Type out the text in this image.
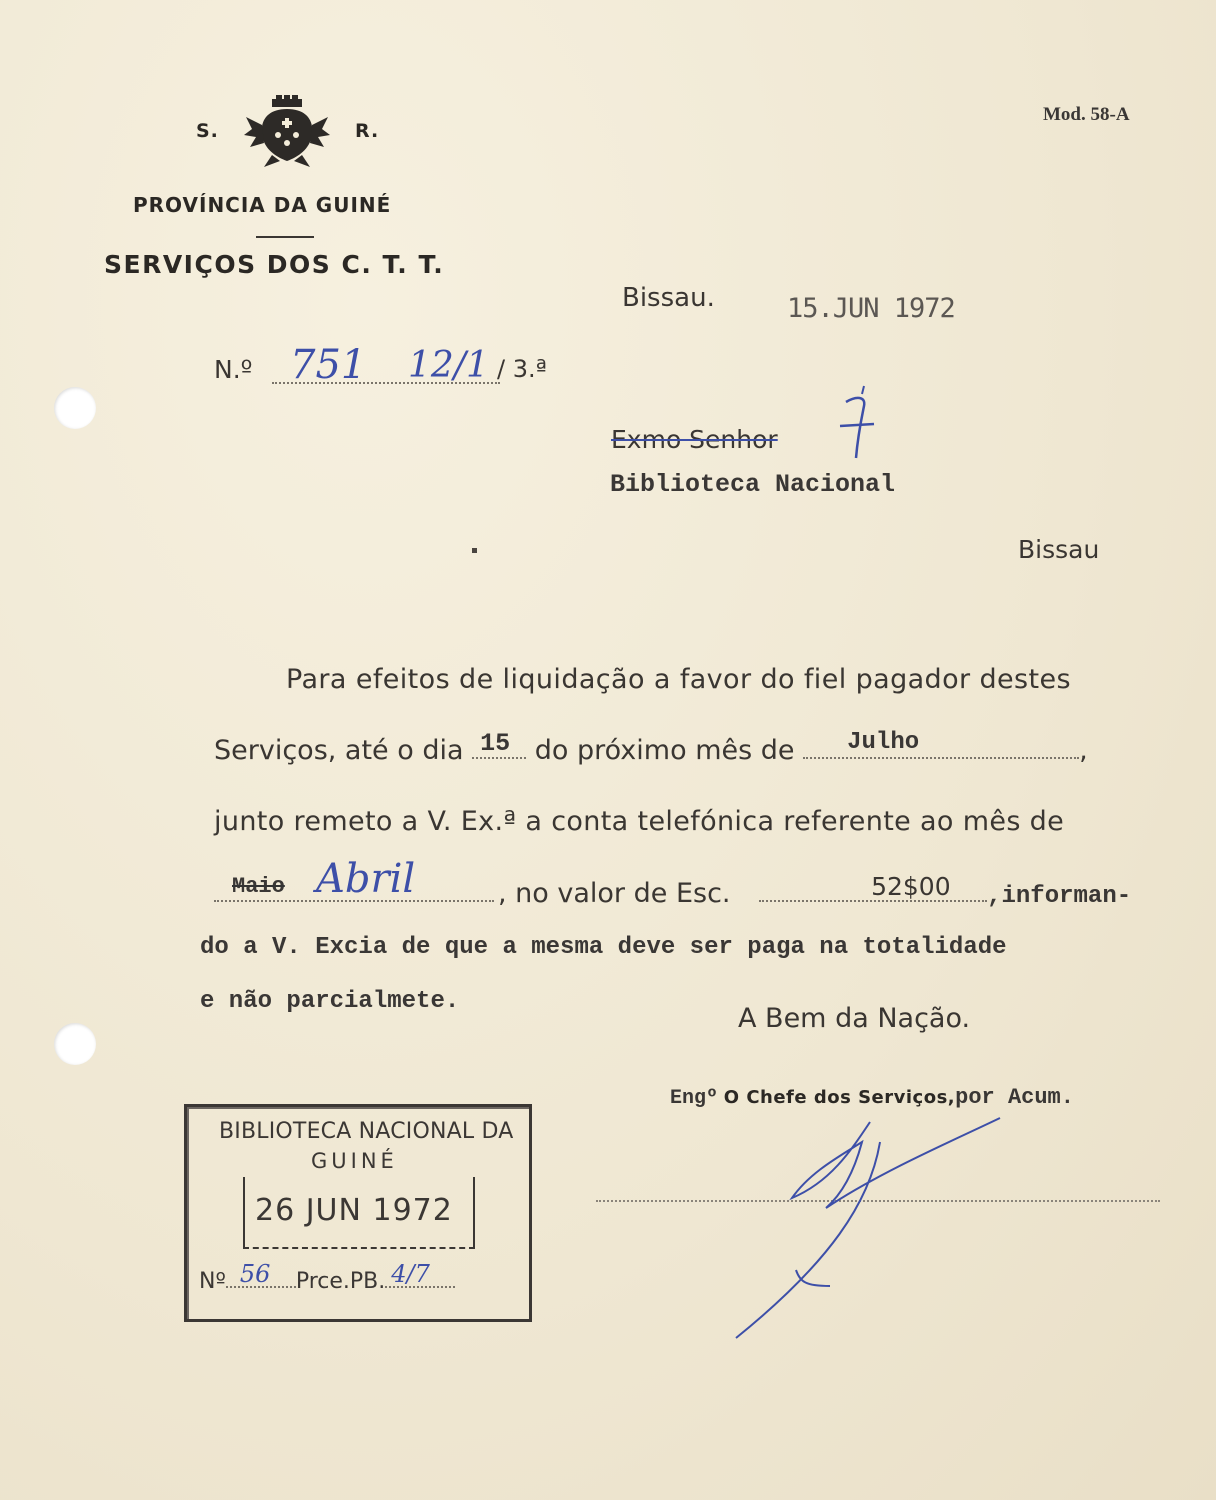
S.	R.
PROVÍNCIA DA GUINÉ
SERVIÇOS DOS C. T. T.
Mod. 58-A
Bissau.	15.JUN 1972
N.º 751 12/1 / 3.ª
Exmo Senhor
Biblioteca Nacional
Bissau
Para efeitos de liquidação a favor do fiel pagador destes
Serviços, até o dia 15 do próximo mês de Julho	,
junto remeto a V. Ex.ª a conta telefónica referente ao mês de
Maio Abril	, no valor de Esc.	52$00 ,informan-
do a V. Excia de que a mesma deve ser paga na totalidade
e não parcialmete.
A Bem da Nação.
Engº O Chefe dos Serviços,por Acum.
BIBLIOTECA NACIONAL DA
GUINÉ
26 JUN 1972
Nº 56 Prce.PB. 4/7
